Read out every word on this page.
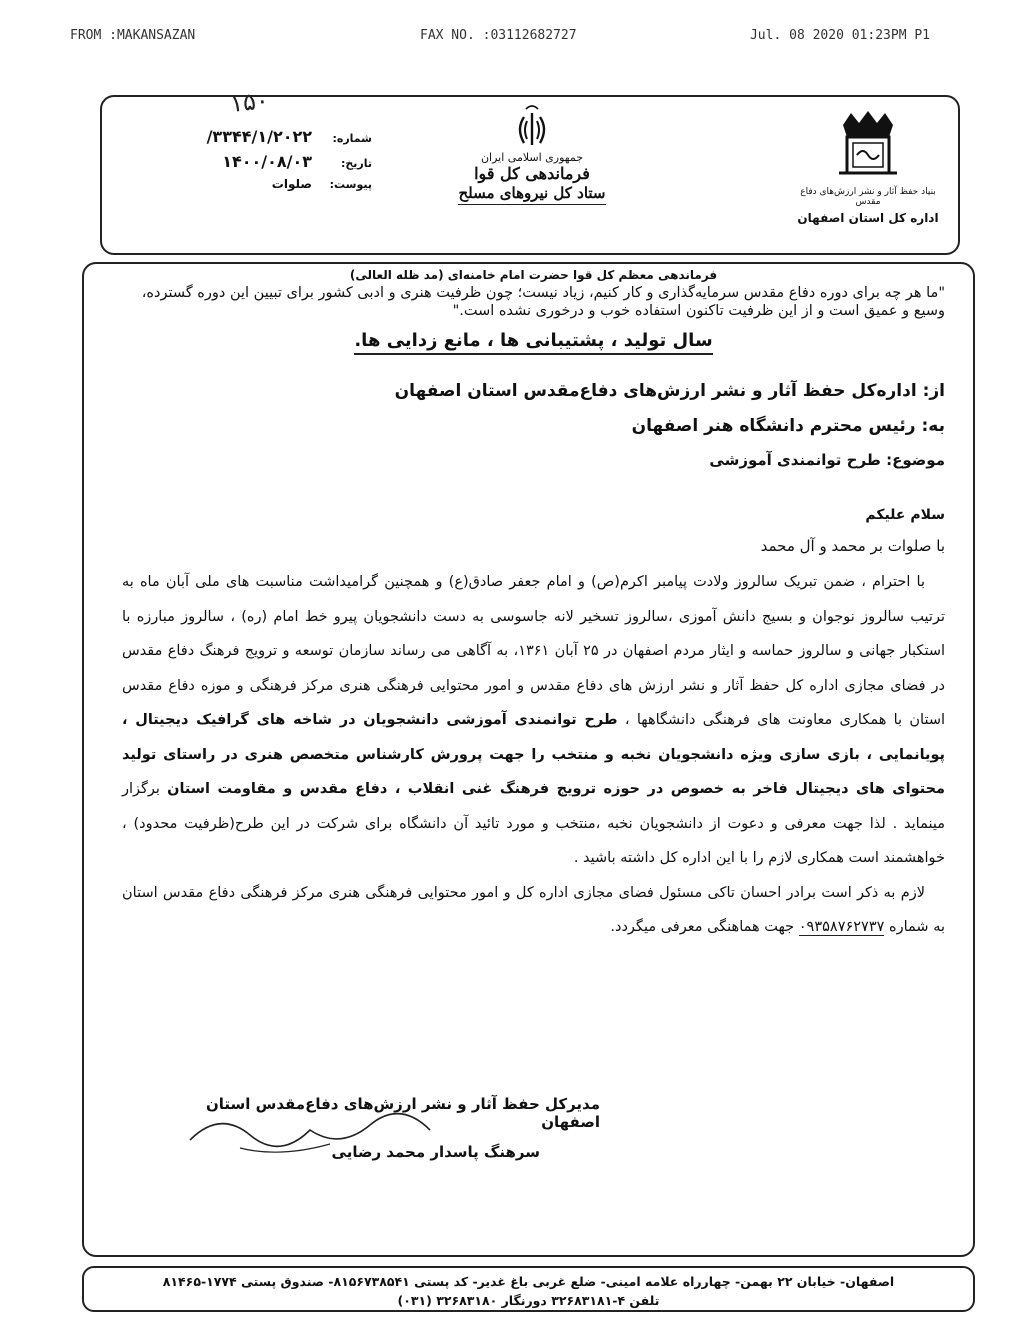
FROM :MAKANSAZAN	FAX NO. :03112682727	Jul. 08 2020 01:23PM P1
۱۵۰
شماره:
۳۳۴۴/۱/۲۰۲۲/
تاریخ:
۱۴۰۰/۰۸/۰۳
پیوست:
صلوات
جمهوری اسلامی ایران
فرماندهی کل قوا
ستاد کل نیروهای مسلح	بنیاد حفظ آثار و نشر ارزش‌های دفاع مقدس
اداره کل استان اصفهان
فرماندهی معظم کل قوا حضرت امام خامنه‌ای (مد ظله العالی)
"ما هر چه برای دوره دفاع مقدس سرمایه‌گذاری و کار کنیم، زیاد نیست؛ چون ظرفیت هنری و ادبی کشور برای تبیین این دوره گسترده، وسیع و عمیق است و از این ظرفیت تاکنون استفاده خوب و درخوری نشده است."
سال تولید ، پشتیبانی ها ، مانع زدایی ها.
از: اداره‌کل حفظ آثار و نشر ارزش‌های دفاع‌مقدس استان اصفهان
به: رئیس محترم دانشگاه هنر اصفهان
موضوع: طرح توانمندی آموزشی
سلام علیکم
با صلوات بر محمد و آل محمد
با احترام ، ضمن تبریک سالروز ولادت پیامبر اکرم(ص) و امام جعفر صادق(ع) و همچنین گرامیداشت مناسبت های ملی آبان ماه به ترتیب سالروز نوجوان و بسیج دانش آموزی ،سالروز تسخیر لانه جاسوسی به دست دانشجویان پیرو خط امام (ره) ، سالروز مبارزه با استکبار جهانی و سالروز حماسه و ایثار مردم اصفهان در ۲۵ آبان ۱۳۶۱، به آگاهی می رساند سازمان توسعه و ترویج فرهنگ دفاع مقدس در فضای مجازی اداره کل حفظ آثار و نشر ارزش های دفاع مقدس و امور محتوایی فرهنگی هنری مرکز فرهنگی و موزه دفاع مقدس استان با همکاری معاونت های فرهنگی دانشگاهها ، طرح توانمندی آموزشی دانشجویان در شاخه های گرافیک دیجیتال ، پویانمایی ، بازی سازی ویژه دانشجویان نخبه و منتخب را جهت پرورش کارشناس متخصص هنری در راستای تولید محتوای های دیجیتال فاخر به خصوص در حوزه ترویج فرهنگ غنی انقلاب ، دفاع مقدس و مقاومت استان برگزار مینماید . لذا جهت معرفی و دعوت از دانشجویان نخبه ،منتخب و مورد تائید آن دانشگاه برای شرکت در این طرح(ظرفیت محدود) ، خواهشمند است همکاری لازم را با این اداره کل داشته باشید .
لازم به ذکر است برادر احسان تاکی مسئول فضای مجازی اداره کل و امور محتوایی فرهنگی هنری مرکز فرهنگی دفاع مقدس استان به شماره ۰۹۳۵۸۷۶۲۷۳۷ جهت هماهنگی معرفی میگردد.
مدیرکل حفظ آثار و نشر ارزش‌های دفاع‌مقدس استان اصفهان
سرهنگ پاسدار محمد رضایی
اصفهان- خیابان ۲۲ بهمن- چهارراه علامه امینی- ضلع غربی باغ غدیر- کد پستی ۸۱۵۶۷۳۸۵۴۱- صندوق پستی ۱۷۷۴-۸۱۴۶۵
تلفن ۴-۳۲۶۸۳۱۸۱ دورنگار ۳۲۶۸۳۱۸۰ (۰۳۱)
